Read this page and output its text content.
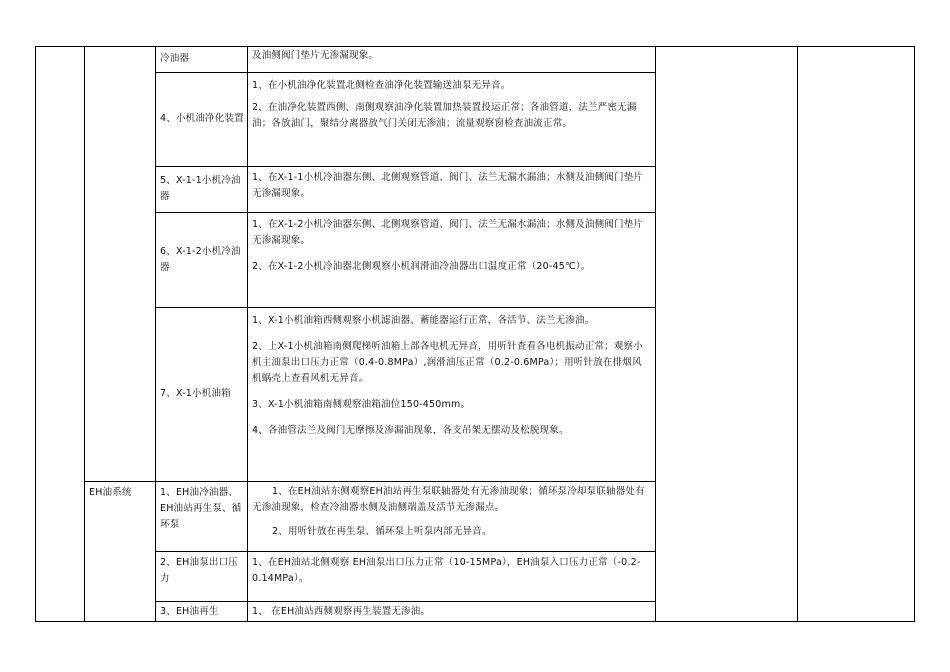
EH油系统
冷油器	及油侧阀门垫片无渗漏现象。

4、小机油净化装置

1、在小机油净化装置北侧检查油净化装置输送油泵无异音。

2、在油净化装置西侧、南侧观察油净化装置加热装置投运正常；各油管道，法兰严密无漏油；各放油门，聚结分离器放气门关闭无渗油；流量观察窗检查油流正常。

5、X-1-1小机冷油器

1、在X-1-1小机冷油器东侧、北侧观察管道、阀门、法兰无漏水漏油；水侧及油侧阀门垫片无渗漏现象。

6、X-1-2小机冷油器

1、在X-1-2小机冷油器东侧、北侧观察管道、阀门、法兰无漏水漏油；水侧及油侧阀门垫片无渗漏现象。

2、在X-1-2小机冷油器北侧观察小机润滑油冷油器出口温度正常（20-45℃）。

7、X-1小机油箱

1、X-1小机油箱西侧观察小机滤油器、蓄能器运行正常，各活节、法兰无渗油。

2、上X-1小机油箱南侧爬梯听油箱上部各电机无异音，用听针查看各电机振动正常；观察小机主油泵出口压力正常（0.4-0.8MPa）,润滑油压正常（0.2-0.6MPa）；用听针放在排烟风机蜗壳上查看风机无异音。

3、X-1小机油箱南侧观察油箱油位150-450mm。

4、各油管法兰及阀门无摩擦及渗漏油现象，各支吊架无摆动及松脱现象。

1、EH油冷油器、EH油站再生泵、循环泵

1、在EH油站东侧观察EH油站再生泵联轴器处有无渗油现象；循环泵冷却泵联轴器处有无渗油现象，检查冷油器水侧及油侧端盖及活节无渗漏点。

2、用听针放在再生泵、循环泵上听泵内部无异音。

2、EH油泵出口压力

1、在EH油站北侧观察 EH油泵出口压力正常（10-15MPa），EH油泵入口压力正常（-0.2-0.14MPa）。

3、EH油再生	1、 在EH油站西侧观察再生装置无渗油。
